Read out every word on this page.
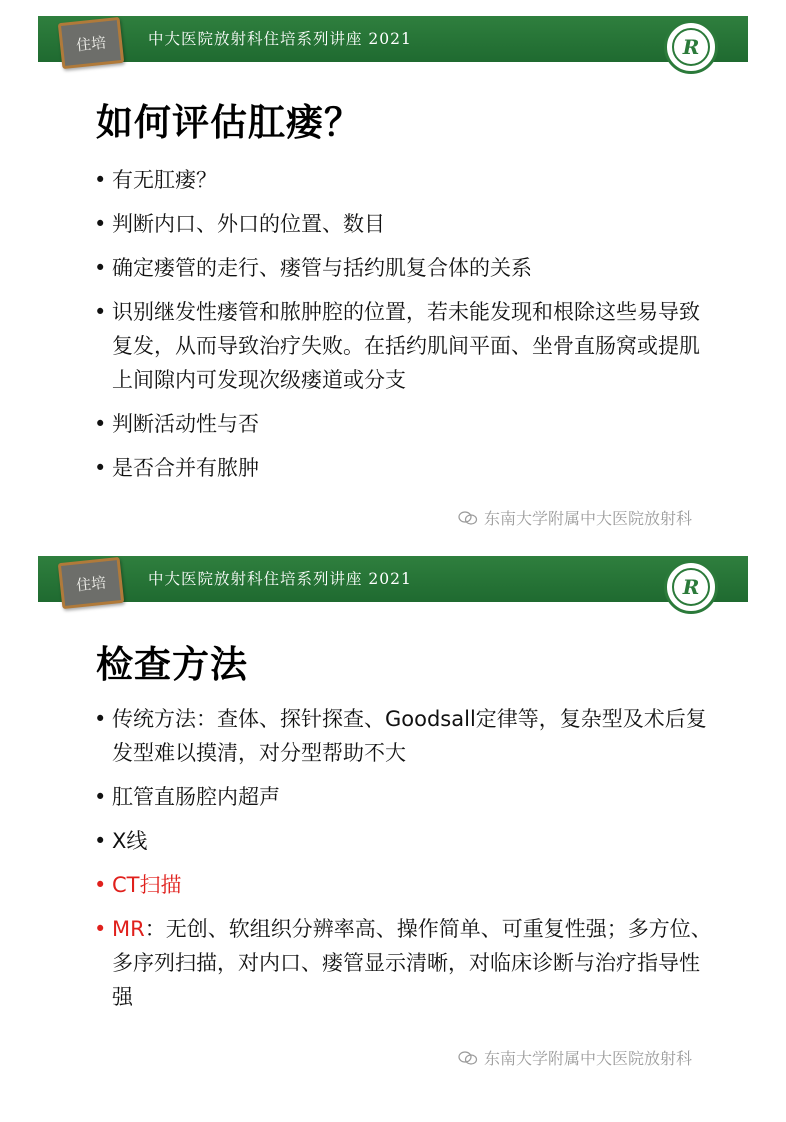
住培	中大医院放射科住培系列讲座 2021	R
如何评估肛瘘？
• 有无肛瘘？
• 判断内口、外口的位置、数目
• 确定瘘管的走行、瘘管与括约肌复合体的关系
• 识别继发性瘘管和脓肿腔的位置，若未能发现和根除这些易导致复发，从而导致治疗失败。在括约肌间平面、坐骨直肠窝或提肌上间隙内可发现次级瘘道或分支
• 判断活动性与否
• 是否合并有脓肿
东南大学附属中大医院放射科
住培	中大医院放射科住培系列讲座 2021	R
检查方法
• 传统方法：查体、探针探查、Goodsall定律等，复杂型及术后复发型难以摸清，对分型帮助不大
• 肛管直肠腔内超声
• X线
• CT扫描
• MR：无创、软组织分辨率高、操作简单、可重复性强；多方位、多序列扫描，对内口、瘘管显示清晰，对临床诊断与治疗指导性强
东南大学附属中大医院放射科
